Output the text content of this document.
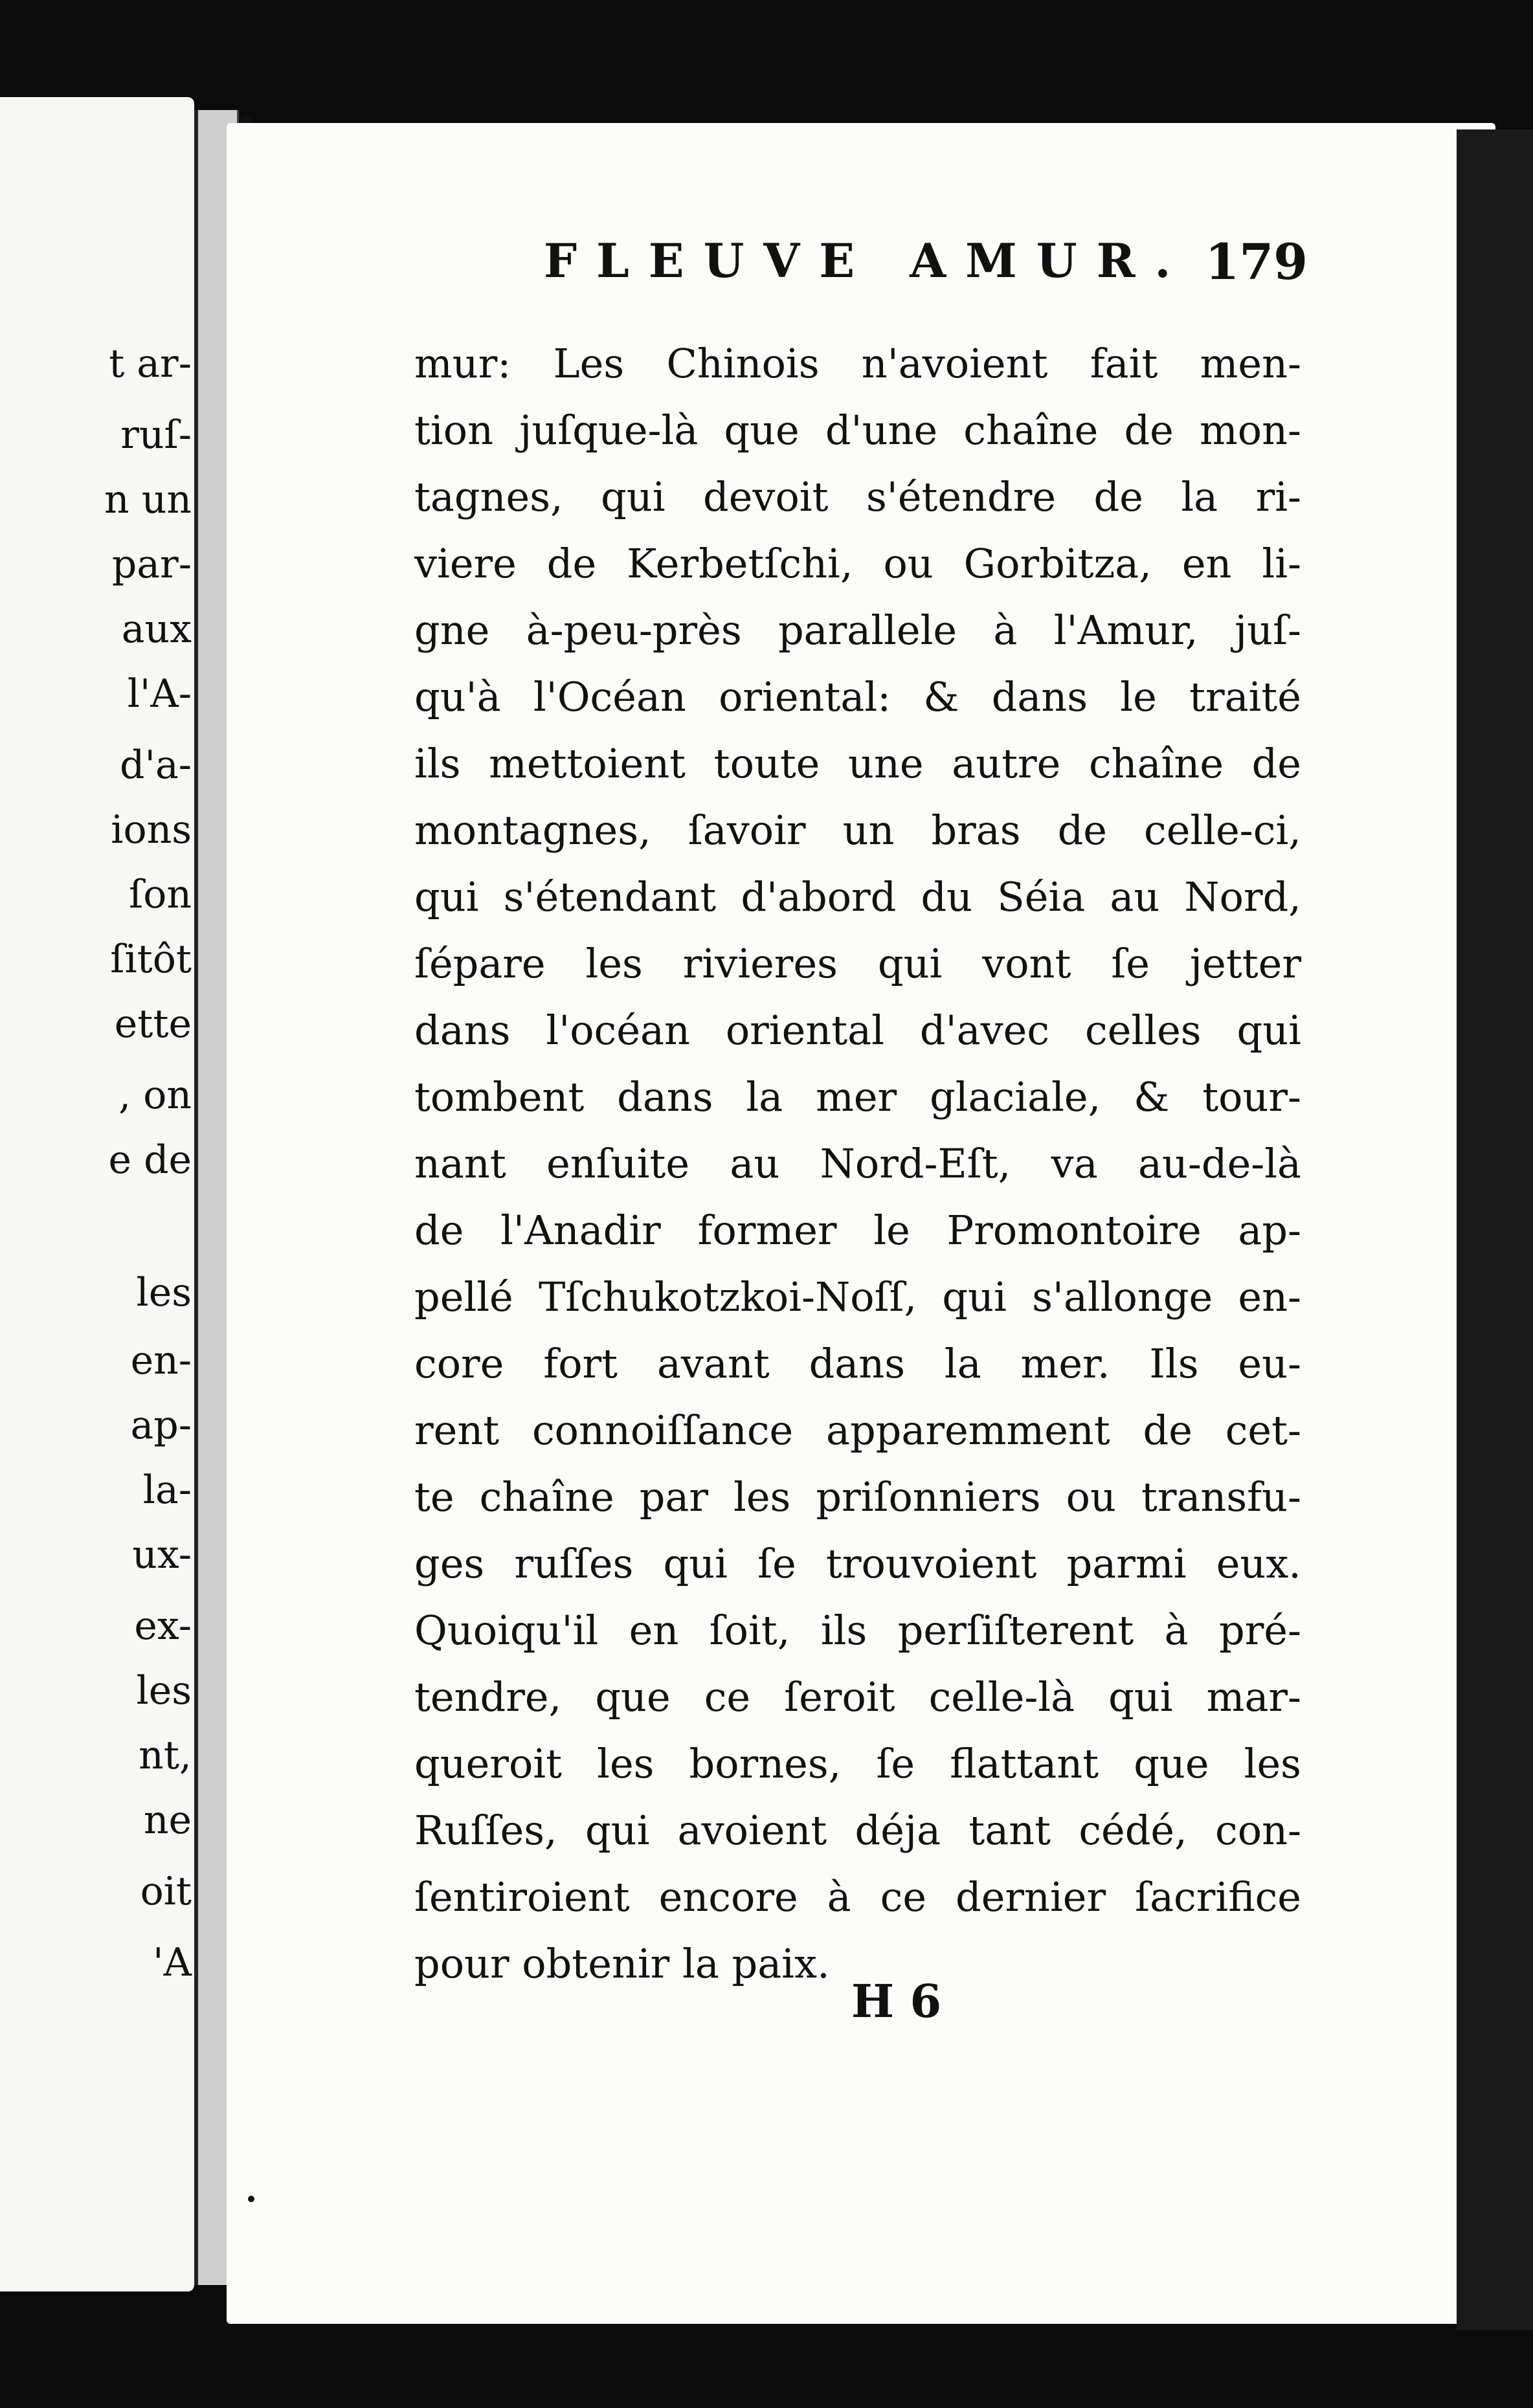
t ar-
ruſ-
n un
par-
aux
l'A-
d'a-
ions
ſon
ſitôt
ette
, on
e de
les
en-
ap-
la-
ux-
ex-
les
nt,
ne
oit
'A
FLEUVE AMUR. 179
mur: Les Chinois n'avoient fait men-
tion juſque-là que d'une chaîne de mon-
tagnes, qui devoit s'étendre de la ri-
viere de Kerbetſchi, ou Gorbitza, en li-
gne à-peu-près parallele à l'Amur, juſ-
qu'à l'Océan oriental: & dans le traité
ils mettoient toute une autre chaîne de
montagnes, ſavoir un bras de celle-ci,
qui s'étendant d'abord du Séia au Nord,
ſépare les rivieres qui vont ſe jetter
dans l'océan oriental d'avec celles qui
tombent dans la mer glaciale, & tour-
nant enſuite au Nord-Eſt, va au-de-là
de l'Anadir former le Promontoire ap-
pellé Tſchukotzkoi-Noſſ, qui s'allonge en-
core fort avant dans la mer. Ils eu-
rent connoiſſance apparemment de cet-
te chaîne par les priſonniers ou transfu-
ges ruſſes qui ſe trouvoient parmi eux.
Quoiqu'il en ſoit, ils perſiſterent à pré-
tendre, que ce ſeroit celle-là qui mar-
queroit les bornes, ſe flattant que les
Ruſſes, qui avoient déja tant cédé, con-
ſentiroient encore à ce dernier ſacrifice
pour obtenir la paix.
H 6
